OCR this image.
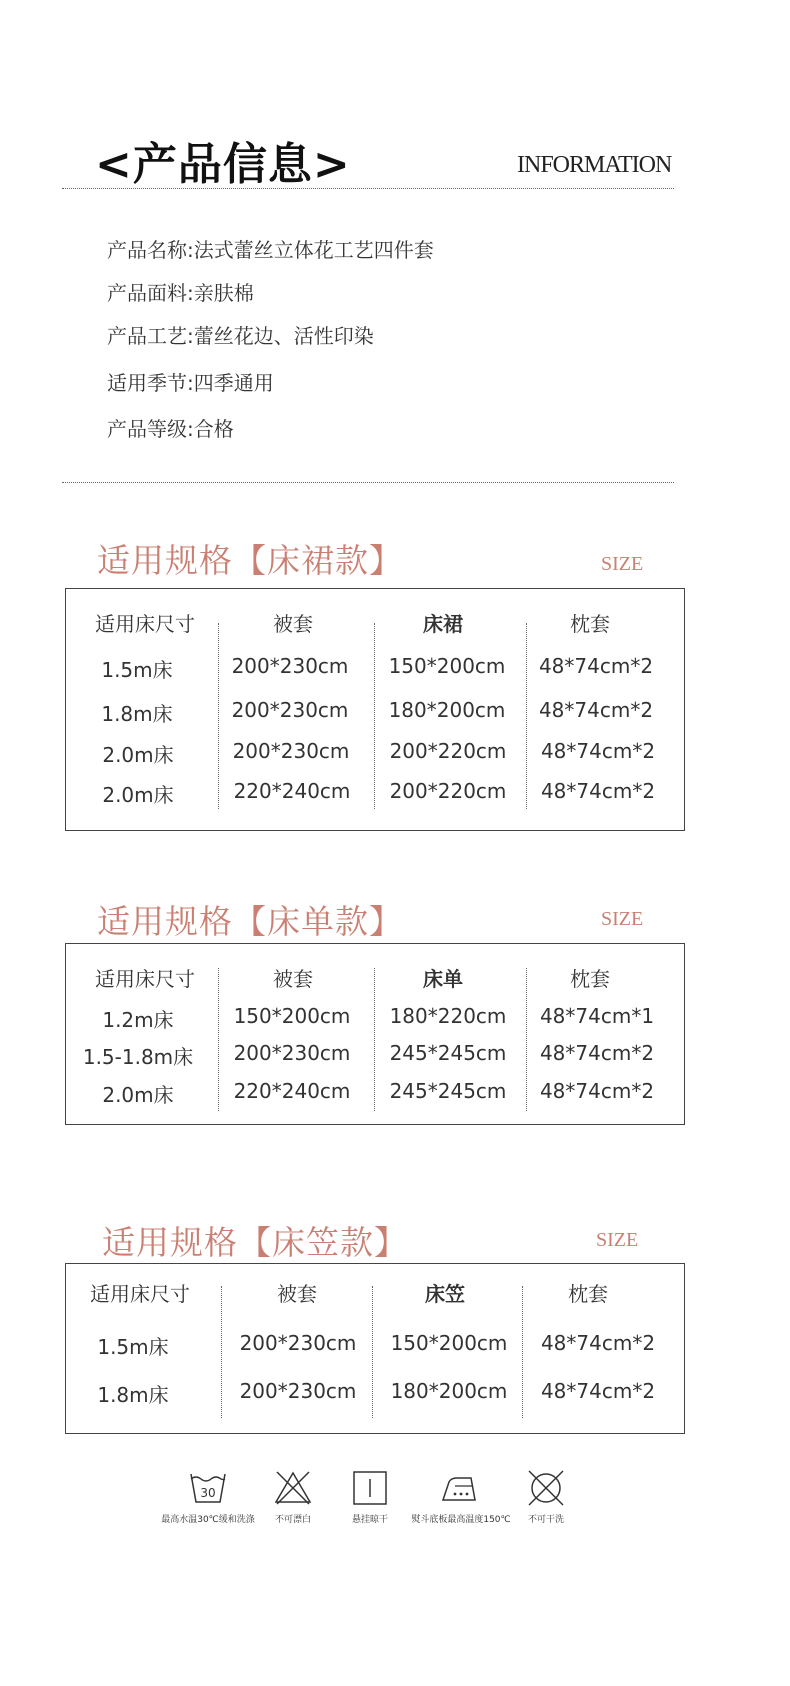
<产品信息>	INFORMATION
产品名称:法式蕾丝立体花工艺四件套
产品面料:亲肤棉
产品工艺:蕾丝花边、活性印染
适用季节:四季通用
产品等级:合格
适用规格【床裙款】	SIZE
适用床尺寸	被套	床裙	枕套
1.5m床	200*230cm 150*200cm 48*74cm*2
1.8m床	200*230cm 180*200cm 48*74cm*2
2.0m床	200*230cm 200*220cm 48*74cm*2
2.0m床	220*240cm 200*220cm 48*74cm*2
适用规格【床单款】	SIZE
适用床尺寸	被套	床单	枕套
1.2m床	150*200cm 180*220cm 48*74cm*1
1.5-1.8m床 200*230cm 245*245cm 48*74cm*2
2.0m床	220*240cm 245*245cm 48*74cm*2
适用规格【床笠款】	SIZE
适用床尺寸	被套	床笠	枕套
1.5m床	200*230cm 150*200cm 48*74cm*2
1.8m床	200*230cm 180*200cm 48*74cm*2
30
最高水温30℃缓和洗涤	不可漂白	悬挂晾干	熨斗底板最高温度150℃	不可干洗
